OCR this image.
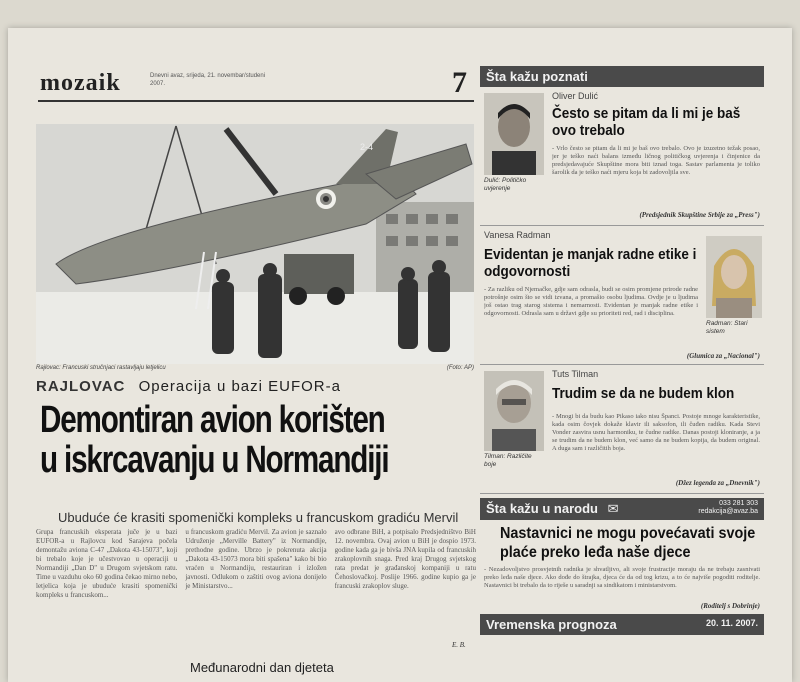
mozaik	Dnevni avaz, srijeda, 21. novembar/studeni 2007.	7
2-4
Rajlovac: Francuski stručnjaci rastavljaju letjelicu	(Foto: AP)
RAJLOVAC Operacija u bazi EUFOR-a
Demontiran avion korišten
u iskrcavanju u Normandiji
Ubuduće će krasiti spomenički kompleks u francuskom gradiću Mervil
Grupa francuskih eksperata juče je u bazi EUFOR-a u Rajlovcu kod Sarajeva počela demontažu aviona C-47 „Dakota 43-15073", koji bi trebalo koje je učestvovao u operaciji u Normandiji „Dan D" u Drugom svjetskom ratu. Time u vazduhu oko 60 godina čekao mirno nebo, letjelica koja je ubuduće krasiti spomenički kompleks u francuskom...
u francuskom gradiću Mervil. Za avion je saznalo Udruženje „Merville Battery" iz Normandije, prethodne godine. Ubrzo je pokrenuta akcija „Dakota 43-15073 mora biti spašena" kako bi bio vraćen u Normandiju, restauriran i izložen javnosti. Odlukom o zaštiti ovog aviona donijelo je Ministarstvo...
avo odbrane BiH, a potpisalo Predsjedništvo BiH 12. novembra. Ovaj avion u BiH je dospio 1973. godine kada ga je bivša JNA kupila od francuskih zrakoplovnih snaga. Pred kraj Drugog svjetskog rata predat je građanskoj kompaniji u ratu Čehoslovačkoj. Poslije 1966. godine kupio ga je francuski zrakoplov sluge.
E. B.
Međunarodni dan djeteta
Šta kažu poznati
Dulić: Političko uvjerenje
Oliver Dulić
Često se pitam da li mi je baš ovo trebalo
- Vrlo često se pitam da li mi je baš ovo trebalo. Ovo je izuzetno težak posao, jer je teško naći balans između ličnog političkog uvjerenja i činjenice da predsjedavajuće Skupštine mora biti iznad toga. Sastav parlamenta je toliko šarolik da je teško naći mjeru koja bi zadovoljila sve.
(Predsjednik Skupštine Srbije za „Press")
Vanesa Radman
Evidentan je manjak radne etike i odgovornosti
- Za razliku od Njemačke, gdje sam odrasla, budi se osim promjene prirode radne potrošnje osim što se vidi izvana, a promašio osobu ljudima. Ovdje je u ljudima još ostao trag starog sistema i nemarnosti. Evidentan je manjak radne etike i odgovornosti. Odrasla sam u državi gdje su prioriteti red, rad i disciplina.
Radman: Stari sistem
(Glumica za „Nacional")
Tilman: Različite boje
Tuts Tilman
Trudim se da ne budem klon
- Mnogi bi da budu kao Pikaso iako nisu Španci. Postoje mnoge karakteristike, kada osim čovjek dokaže klavir ili saksofon, ili čuđen radiku. Kada Stevi Vonder zasvira usnu harmoniku, te čudne radike. Danas postoji kloniranje, a ja se trudim da ne budem klon, već samo da ne budem kopija, da budem original. A duga sam i različitih boja.
(Džez legenda za „Dnevnik")
Šta kažu u narodu ✉	033 281 303
redakcija@avaz.ba
Nastavnici ne mogu povećavati svoje plaće preko leđa naše djece
- Nezadovoljstvo prosvjetnih radnika je shvatljivo, ali svoje frustracije moraju da ne trebaju zasnivati preko leđa naše djece. Ako dođe do štrajka, djeca će da od tog krizu, a to će najviše pogoditi roditelje. Nastavnici bi trebalo da to riješe u saradnji sa sindikatom i ministarstvom.
(Roditelj s Dobrinje)
Vremenska prognoza	20. 11. 2007.
